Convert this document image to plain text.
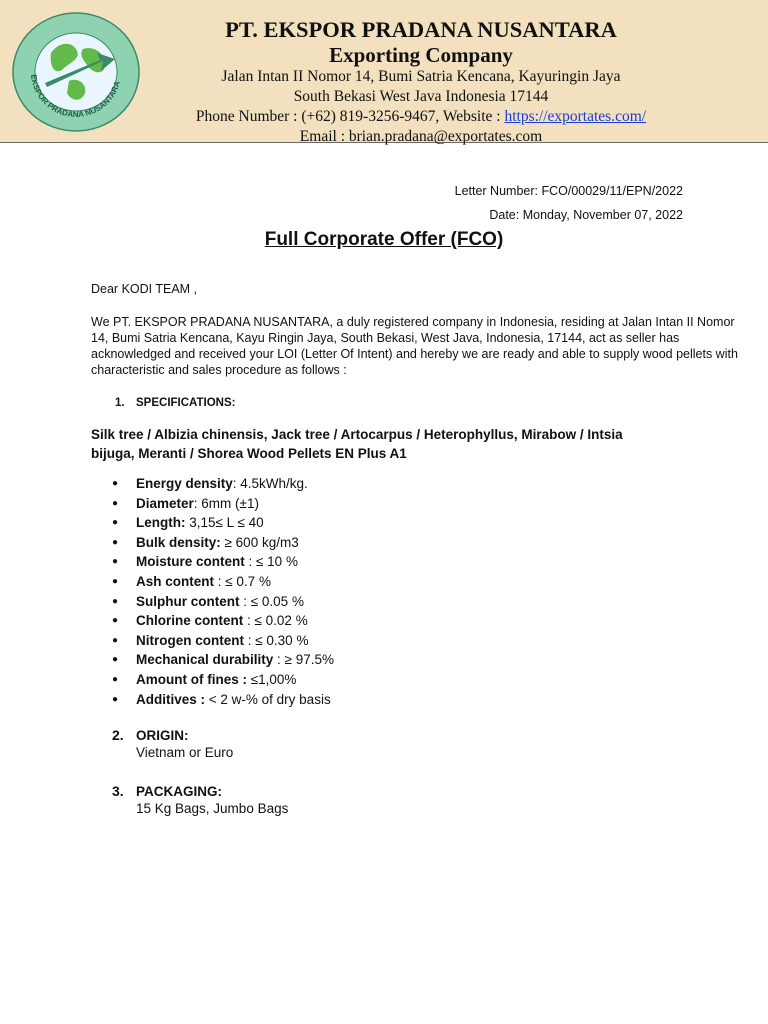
EKSPOR PRADANA NUSANTARA
PT. EKSPOR PRADANA NUSANTARA
Exporting Company
Jalan Intan II Nomor 14, Bumi Satria Kencana, Kayuringin Jaya
South Bekasi West Java Indonesia 17144
Phone Number : (+62) 819-3256-9467, Website : https://exportates.com/
Email : brian.pradana@exportates.com
Letter Number: FCO/00029/11/EPN/2022
Date: Monday, November 07, 2022
Full Corporate Offer (FCO)
Dear KODI TEAM ,
We PT. EKSPOR PRADANA NUSANTARA, a duly registered company in Indonesia, residing at Jalan Intan II Nomor 14, Bumi Satria Kencana, Kayu Ringin Jaya, South Bekasi, West Java, Indonesia, 17144, act as seller has acknowledged and received your LOI (Letter Of Intent) and hereby we are ready and able to supply wood pellets with characteristic and sales procedure as follows :
1. SPECIFICATIONS:
Silk tree / Albizia chinensis, Jack tree / Artocarpus / Heterophyllus, Mirabow / Intsia
bijuga, Meranti / Shorea Wood Pellets EN Plus A1
● Energy density: 4.5kWh/kg.
● Diameter: 6mm (±1)
● Length: 3,15≤ L ≤ 40
● Bulk density: ≥ 600 kg/m3
● Moisture content : ≤ 10 %
● Ash content : ≤ 0.7 %
● Sulphur content : ≤ 0.05 %
● Chlorine content : ≤ 0.02 %
● Nitrogen content : ≤ 0.30 %
● Mechanical durability : ≥ 97.5%
● Amount of fines : ≤1,00%
● Additives : < 2 w-% of dry basis
2. ORIGIN:
Vietnam or Euro
3. PACKAGING:
15 Kg Bags, Jumbo Bags
